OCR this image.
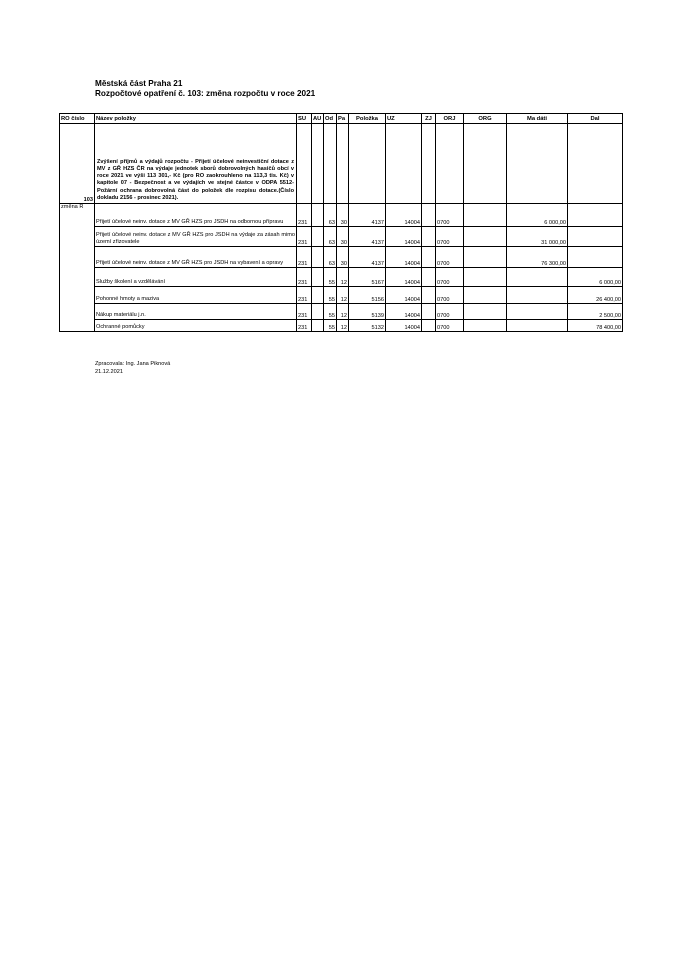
Městská část Praha 21
Rozpočtové opatření č. 103: změna rozpočtu v roce 2021
RO číslo	Název položky	SU	AU	Od	Pa	Položka	UZ	ZJ	ORJ	ORG	Ma dáti	Dal
103	Zvýšení příjmů a výdajů rozpočtu - Přijetí účelové neinvestiční dotace z MV z GŘ HZS ČR na výdaje jednotek sborů dobrovolných hasičů obcí v roce 2021 ve výši 113 301,- Kč (pro RO zaokrouhleno na 113,3 tis. Kč) v kapitole 07 - Bezpečnost a ve výdajích ve stejné částce v ODPA 5512- Požární ochrana dobrovolná část do položek dle rozpisu dotace.(Číslo dokladu 2156 - prosinec 2021).											

změna R	Přijetí účelové neinv. dotace z MV GŘ HZS pro JSDH na odbornou přípravu	231		63	30	4137	14004		0700		6 000,00	

	Přijetí účelové neinv. dotace z MV GŘ HZS pro JSDH na výdaje za zásah mimo území zřizovatele	231		63	30	4137	14004		0700		31 000,00	

	Přijetí účelové neinv. dotace z MV GŘ HZS pro JSDH na vybavení a opravy	231		63	30	4137	14004		0700		76 300,00	
	Služby školení a vzdělávání	231		55	12	5167	14004		0700			6 000,00
	Pohonné hmoty a maziva	231		55	12	5156	14004		0700			26 400,00
	Nákup materiálu j.n.	231		55	12	5139	14004		0700			2 500,00
	Ochranné pomůcky	231		55	12	5132	14004		0700			78 400,00
Zpracovala: Ing. Jana Piknová
21.12.2021
